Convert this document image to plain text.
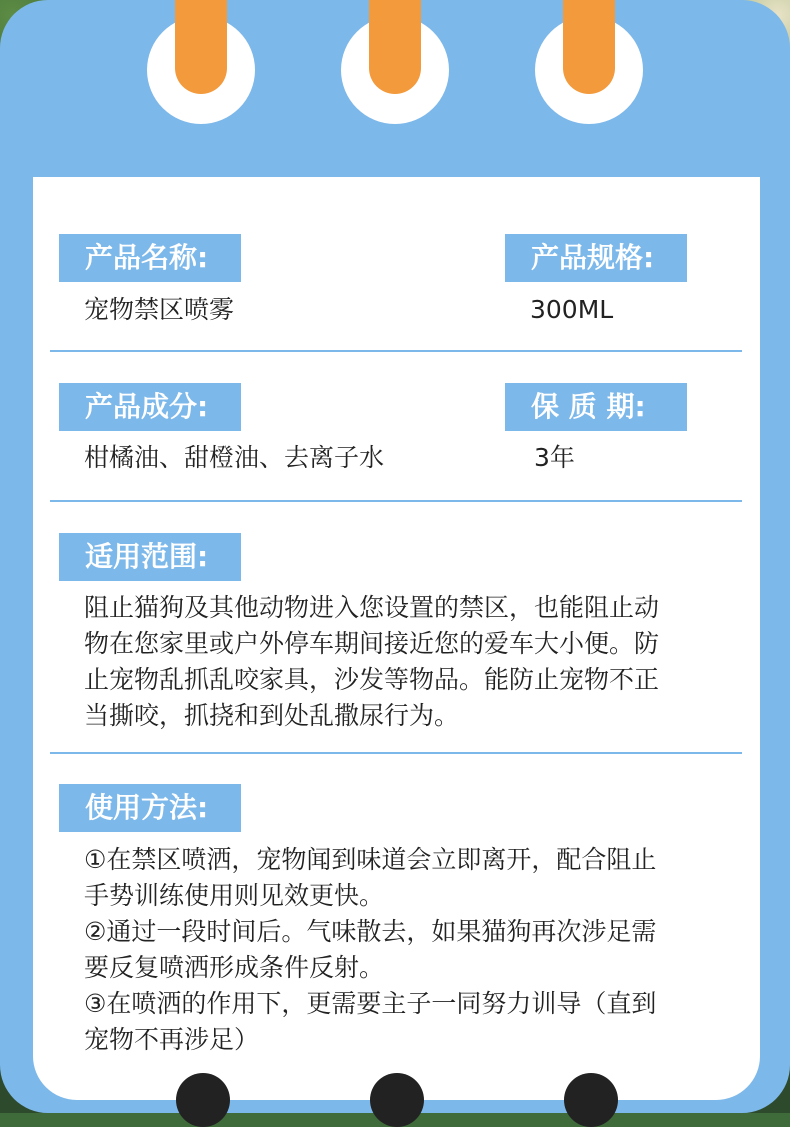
产品名称:
宠物禁区喷雾
产品规格:
300ML
产品成分:
柑橘油、甜橙油、去离子水
保 质 期:
3年
适用范围:
阻止猫狗及其他动物进入您设置的禁区，也能阻止动
物在您家里或户外停车期间接近您的爱车大小便。防
止宠物乱抓乱咬家具，沙发等物品。能防止宠物不正
当撕咬，抓挠和到处乱撒尿行为。
使用方法:
①在禁区喷洒，宠物闻到味道会立即离开，配合阻止
手势训练使用则见效更快。
②通过一段时间后。气味散去，如果猫狗再次涉足需
要反复喷洒形成条件反射。
③在喷洒的作用下，更需要主子一同努力训导（直到
宠物不再涉足）
